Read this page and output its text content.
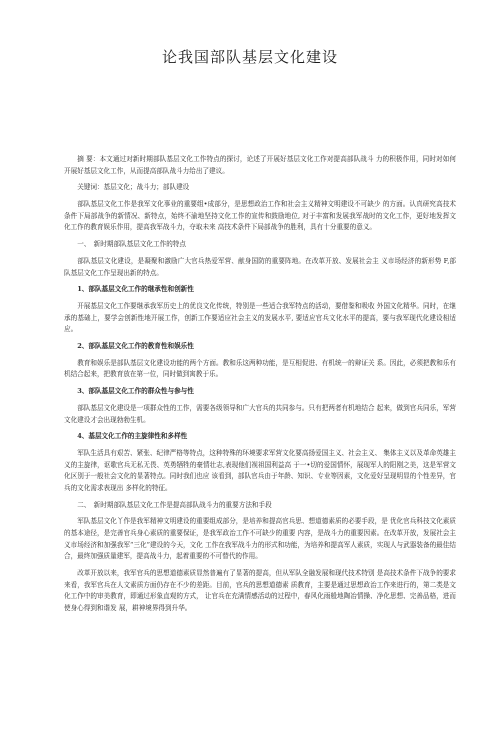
论我国部队基层文化建设

摘 要：本文通过对新时期部队基层文化工作特点的探讨，论述了开展好基层文化工作对提高部队战斗 力的积极作用，同时对如何开展好基层文化工作，从而提高部队战斗力给出了建议。

关键词：基层文化；战斗力；部队建设

部队基层文化工作是我军文化事业的重要组•成部分，是思想政治工作和社会主义精神文明建设不可缺少 的方面。认真研究高技术条件下局部战争的新情况、新特点，始终不渝地坚持文化工作的宣传和鼓励地位, 对于丰富和发展我军战时的文化工作，更好地发挥文化工作的教育娱乐作用，提高我军战斗力，夺取未来 高技术条件下局部战争的胜利，具有十分重要的意义。

一、　新时期部队基层文化工作的特点

部队基层文化建设，是凝聚和激励广大官兵热爱军营、献身国防的重要阵地。在改革开放、发展社会主 义市场经济的新形势 F,部队基层文化工作呈现出新的特点。

1、部队基层文化工作的继承性和创新性

开展基层文化工作要继承我军历史上的优良文化传统，特别是一些适合我军特点的活动，要借鉴和吸收 外国文化精华。同时，在继承的基础上，要学会创新性地开展工作，创新工作要适应社会主义的发展水平, 要适应官兵文化水平的提高，要与我军现代化建设相适应。

2、部队基层文化工作的教育性和娱乐性

教育和娱乐是部队基层文化建设功能的两个方面。教和乐这两种功能，是互相促进、有机统一的辩证关 系。因此，必须把教和乐有机结合起来，把教育放在第一位，同时做到寓教于乐。

3、部队基层文化工作的群众性与参与性

部队基层文化建设是一项群众性的工作，需要各级领导和广大官兵的共同参与。只有把两者有机地结合 起来，做到官兵同乐，军营文化建设才会出现勃勃生机。

4、基层文化工作的主旋律性和多样性

军队生活具有艰苦、紧张、纪律严格等特点，这种特殊的环境要求军营文化要高扬爱国主义、社会主义、 集体主义以及革命英雄主义的主旋律，讴歌官兵无私无畏、英勇牺牲的豪情壮志,表现他们视祖国利益高 于一•切的爱国情怀，展现军人的阳刚之美，这是军营文化区别于一般社会文化的显著特点。同时我们也应 该看到，部队官兵由于年龄、知识、专业等因素，文化爱好呈现明显的个性差异，官兵的文化需求表现出 多样化的特征。

二、　新时期部队基层文化工作是提高部队战斗力的重要方法和手段

军队基层文化丫作是我军精神文明建设的重要组成部分，是培养和提高官兵思、想道德素质的必要手段，是 优化官兵科技文化素质的基本途径，是完善官兵身心素质的重要保证，是我军政治工作不可缺少的重要 内容，是战斗力的重要因素。在改革开放，发展社会主义市场经济和加强我军“三化”建设的今天，文化 工作在我军战斗力的形式和功能，为培养和提高军人素质，实现人与武器装备的最佳结合，最终加强质量建军，提高战斗力，起着重要的不可替代的作用。

改革开放以来，我军官兵的思想道德素质显然普遍有了显著的提高，但从军队全融发展和现代技术特别 是高技术条件下战争的要求来看，我军官兵在人文素质方面仍存在不少的差距。目前，官兵的思想道德素 质教育，主要是通过思想政治工作来进行的，第二类是文化工作中的审美教育，即通过形象直观的方式， 让官兵在充满情感活动的过程中，春风化雨般地陶冶情操、净化思想、完善品格，进而使身心得到和谐发 展，耕神境界得到升华。
